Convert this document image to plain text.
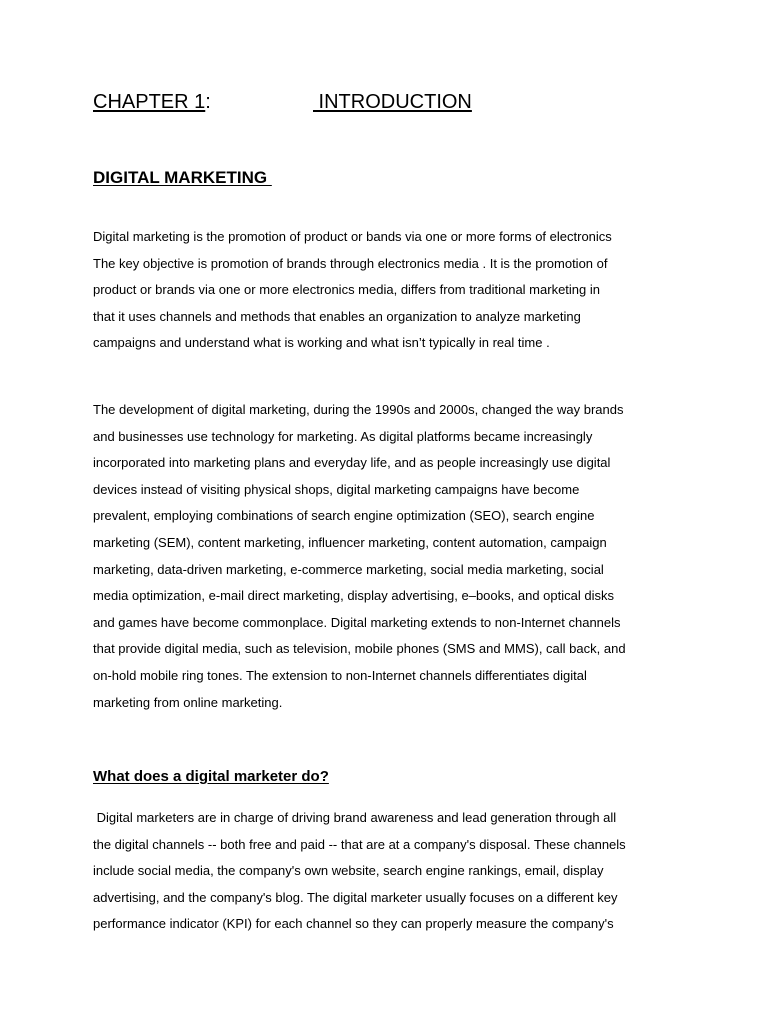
CHAPTER 1:	INTRODUCTION
DIGITAL MARKETING
Digital marketing is the promotion of product or bands via one or more forms of electronics
The key objective is promotion of brands through electronics media . It is the promotion of
product or brands via one or more electronics media, differs from traditional marketing in
that it uses channels and methods that enables an organization to analyze marketing
campaigns and understand what is working and what isn’t typically in real time .
The development of digital marketing, during the 1990s and 2000s, changed the way brands
and businesses use technology for marketing. As digital platforms became increasingly
incorporated into marketing plans and everyday life, and as people increasingly use digital
devices instead of visiting physical shops, digital marketing campaigns have become
prevalent, employing combinations of search engine optimization (SEO), search engine
marketing (SEM), content marketing, influencer marketing, content automation, campaign
marketing, data-driven marketing, e-commerce marketing, social media marketing, social
media optimization, e-mail direct marketing, display advertising, e–books, and optical disks
and games have become commonplace. Digital marketing extends to non-Internet channels
that provide digital media, such as television, mobile phones (SMS and MMS), call back, and
on-hold mobile ring tones. The extension to non-Internet channels differentiates digital
marketing from online marketing.
What does a digital marketer do?
Digital marketers are in charge of driving brand awareness and lead generation through all
the digital channels -- both free and paid -- that are at a company's disposal. These channels
include social media, the company's own website, search engine rankings, email, display
advertising, and the company's blog. The digital marketer usually focuses on a different key
performance indicator (KPI) for each channel so they can properly measure the company's
